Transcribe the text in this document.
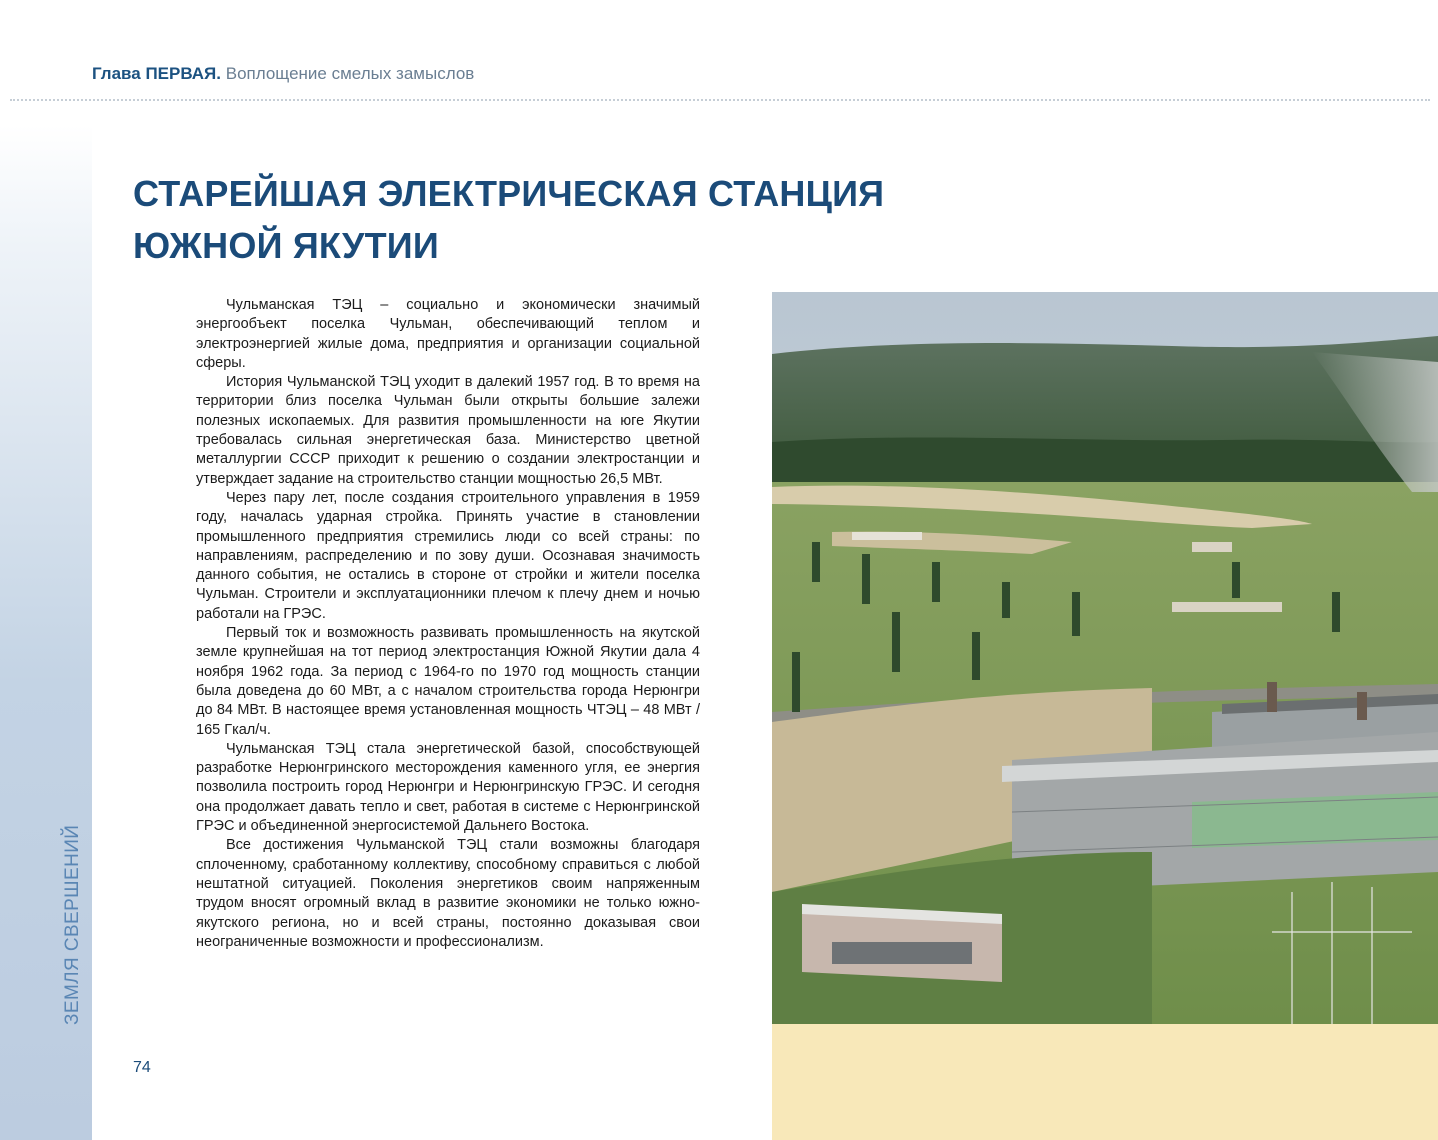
ЗЕМЛЯ СВЕРШЕНИЙ
Глава ПЕРВАЯ. Воплощение смелых замыслов
СТАРЕЙШАЯ ЭЛЕКТРИЧЕСКАЯ СТАНЦИЯ
ЮЖНОЙ ЯКУТИИ

Чульманская ТЭЦ – социально и экономически значимый энергообъект поселка Чульман, обеспечивающий теплом и электроэнергией жилые дома, предприятия и организации социальной сферы.

История Чульманской ТЭЦ уходит в далекий 1957 год. В то время на территории близ поселка Чульман были открыты большие залежи полезных ископаемых. Для развития промышленности на юге Якутии требовалась сильная энергетическая база. Министерство цветной металлургии СССР приходит к решению о создании электростанции и утверждает задание на строительство станции мощностью 26,5 МВт.

Через пару лет, после создания строительного управления в 1959 году, началась ударная стройка. Принять участие в становлении промышленного предприятия стремились люди со всей страны: по направлениям, распределению и по зову души. Осознавая значимость данного события, не остались в стороне от стройки и жители поселка Чульман. Строители и эксплуатационники плечом к плечу днем и ночью работали на ГРЭС.

Первый ток и возможность развивать промышленность на якутской земле крупнейшая на тот период электростанция Южной Якутии дала 4 ноября 1962 года. За период с 1964-го по 1970 год мощность станции была доведена до 60 МВт, а с началом строительства города Нерюнгри до 84 МВт. В настоящее время установленная мощность ЧТЭЦ – 48 МВт / 165 Гкал/ч.

Чульманская ТЭЦ стала энергетической базой, способствующей разработке Нерюнгринского месторождения каменного угля, ее энергия позволила построить город Нерюнгри и Нерюнгринскую ГРЭС. И сегодня она продолжает давать тепло и свет, работая в системе с Нерюнгринской ГРЭС и объединенной энергосистемой Дальнего Востока.

Все достижения Чульманской ТЭЦ стали возможны благодаря сплоченному, сработанному коллективу, способному справиться с любой нештатной ситуацией. Поколения энергетиков своим напряженным трудом вносят огромный вклад в развитие экономики не только южно-якутского региона, но и всей страны, постоянно доказывая свои неограниченные возможности и профессионализм.

74
